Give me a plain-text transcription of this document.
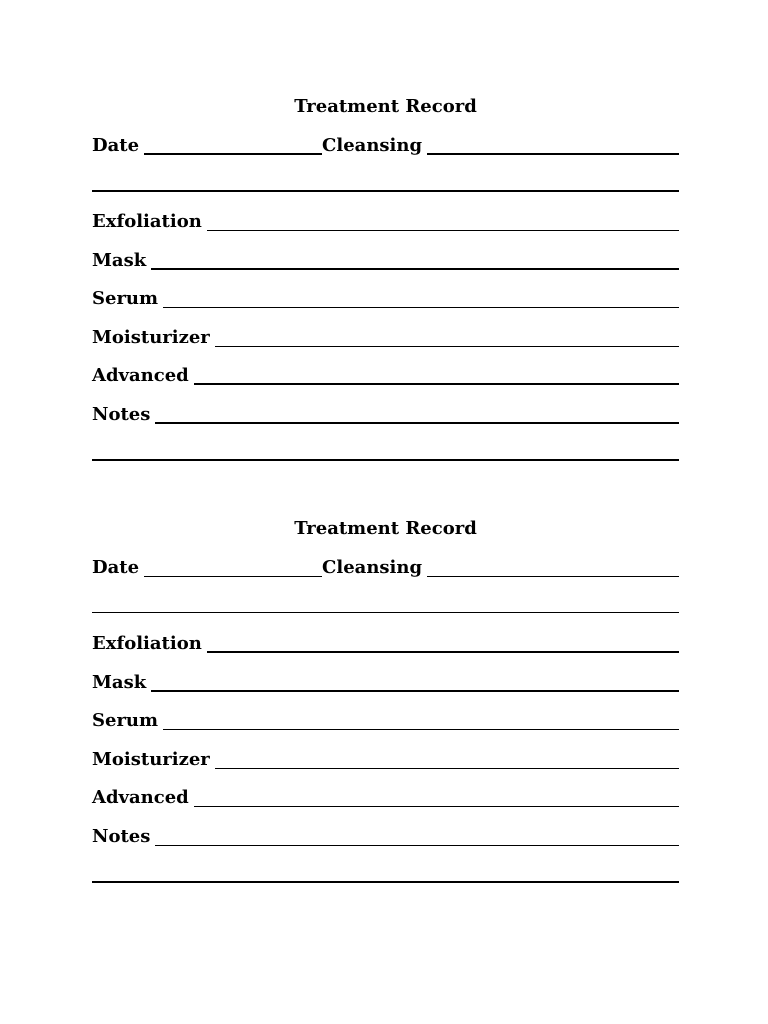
Treatment Record
Date	Cleansing
Exfoliation
Mask
Serum
Moisturizer
Advanced
Notes
Treatment Record
Date	Cleansing
Exfoliation
Mask
Serum
Moisturizer
Advanced
Notes
